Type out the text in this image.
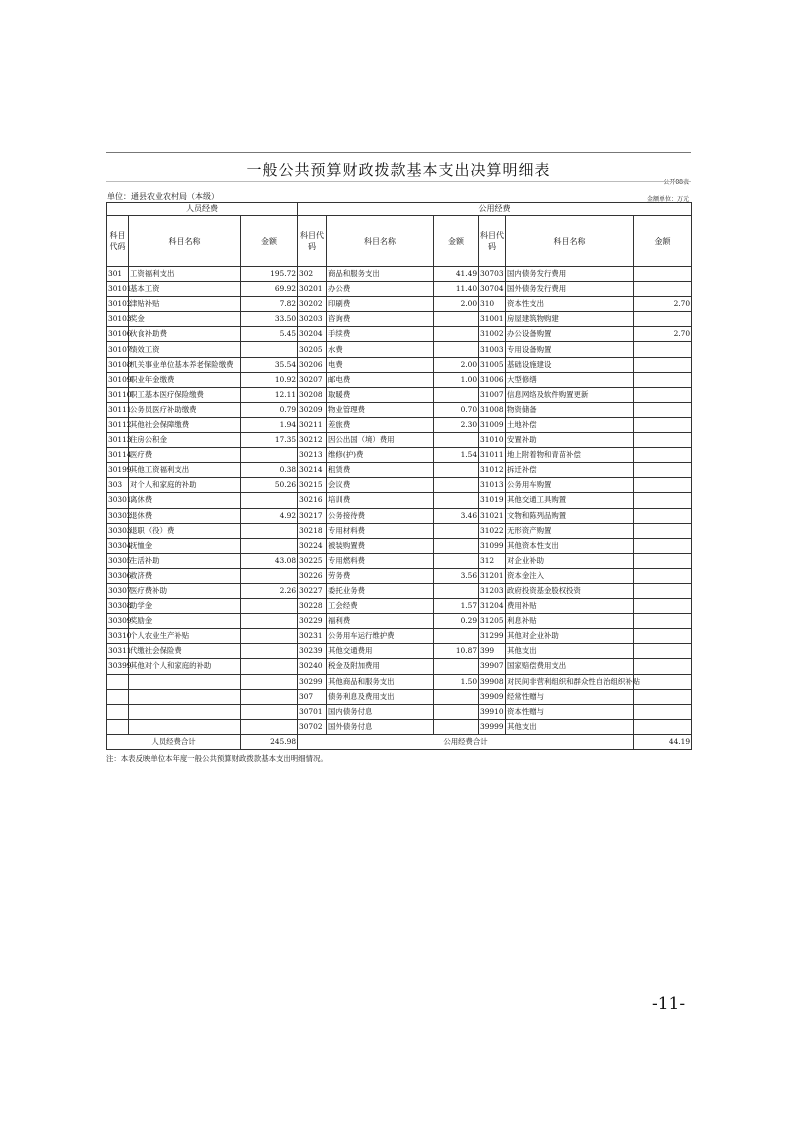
一般公共预算财政拨款基本支出决算明细表
公开08表
单位：通县农业农村局（本级）	金额单位：万元
人员经费			公用经费					
科目代码	科目名称	金额	科目代码	科目名称	金额	科目代码	科目名称	金额
301	工资福利支出	195.72	302	商品和服务支出	41.49	30703	国内债务发行费用	
30101	基本工资	69.92	30201	办公费	11.40	30704	国外债务发行费用	
30102	津贴补贴	7.82	30202	印刷费	2.00	310	资本性支出	2.70
30103	奖金	33.50	30203	咨询费		31001	房屋建筑物购建	
30106	伙食补助费	5.45	30204	手续费		31002	办公设备购置	2.70
30107	绩效工资		30205	水费		31003	专用设备购置	
30108	机关事业单位基本养老保险缴费	35.54	30206	电费	2.00	31005	基础设施建设	
30109	职业年金缴费	10.92	30207	邮电费	1.00	31006	大型修缮	
30110	职工基本医疗保险缴费	12.11	30208	取暖费		31007	信息网络及软件购置更新	
30111	公务员医疗补助缴费	0.79	30209	物业管理费	0.70	31008	物资储备	
30112	其他社会保障缴费	1.94	30211	差旅费	2.30	31009	土地补偿	
30113	住房公积金	17.35	30212	因公出国（境）费用		31010	安置补助	
30114	医疗费		30213	维修(护)费	1.54	31011	地上附着物和青苗补偿	
30199	其他工资福利支出	0.38	30214	租赁费		31012	拆迁补偿	
303	对个人和家庭的补助	50.26	30215	会议费		31013	公务用车购置	
30301	离休费		30216	培训费		31019	其他交通工具购置	
30302	退休费	4.92	30217	公务接待费	3.46	31021	文物和陈列品购置	
30303	退职（役）费		30218	专用材料费		31022	无形资产购置	
30304	抚恤金		30224	被装购置费		31099	其他资本性支出	
30305	生活补助	43.08	30225	专用燃料费		312	对企业补助	
30306	救济费		30226	劳务费	3.56	31201	资本金注入	
30307	医疗费补助	2.26	30227	委托业务费		31203	政府投资基金股权投资	
30308	助学金		30228	工会经费	1.57	31204	费用补贴	
30309	奖励金		30229	福利费	0.29	31205	利息补贴	
30310	个人农业生产补贴		30231	公务用车运行维护费		31299	其他对企业补助	
30311	代缴社会保险费		30239	其他交通费用	10.87	399	其他支出	
30399	其他对个人和家庭的补助		30240	税金及附加费用		39907	国家赔偿费用支出	
			30299	其他商品和服务支出	1.50	39908	对民间非营利组织和群众性自治组织补贴	
			307	债务利息及费用支出		39909	经常性赠与	
			30701	国内债务付息		39910	资本性赠与	
			30702	国外债务付息		39999	其他支出	
人员经费合计		245.98	公用经费合计					44.19
注：本表反映单位本年度一般公共预算财政拨款基本支出明细情况。
-11-
